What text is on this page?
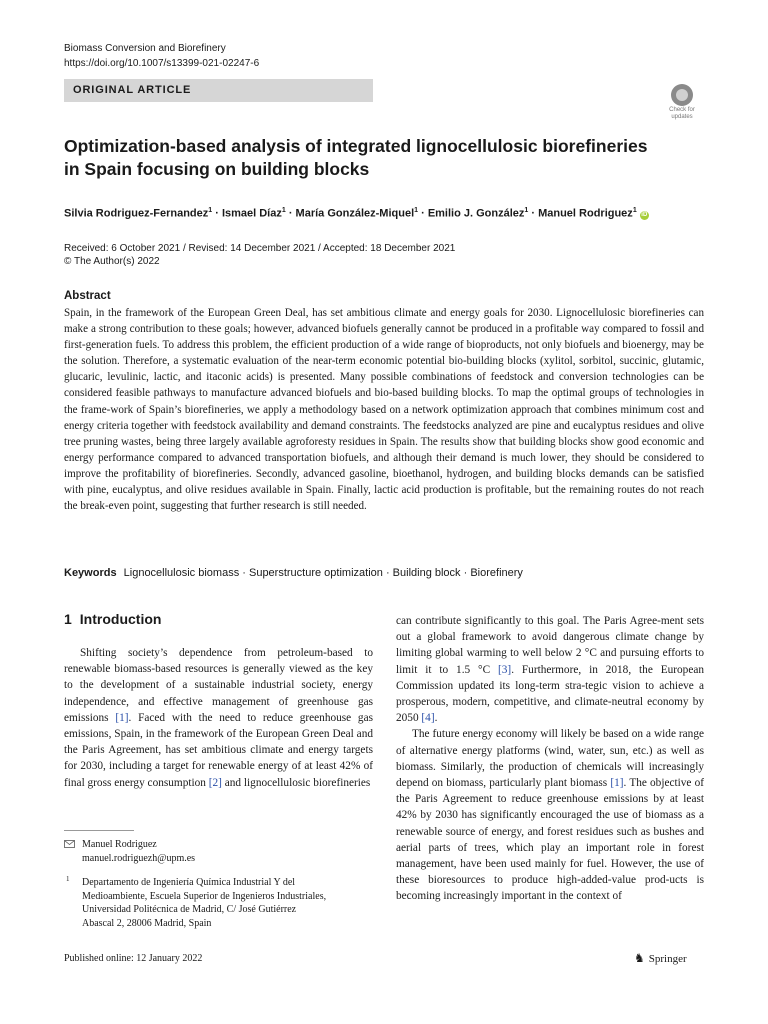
Biomass Conversion and Biorefinery
https://doi.org/10.1007/s13399-021-02247-6
ORIGINAL ARTICLE
Check for
updates
Optimization-based analysis of integrated lignocellulosic biorefineries
in Spain focusing on building blocks
Silvia Rodriguez-Fernandez$^1$ · Ismael Díaz$^1$ · María González-Miquel$^1$ · Emilio J. González$^1$ · Manuel Rodriguez$^1$ iD
Received: 6 October 2021 / Revised: 14 December 2021 / Accepted: 18 December 2021
© The Author(s) 2022
Abstract
Spain, in the framework of the European Green Deal, has set ambitious climate and energy goals for 2030. Lignocellulosic biorefineries can make a strong contribution to these goals; however, advanced biofuels generally cannot be produced in a profitable way compared to fossil and first-generation fuels. To address this problem, the efficient production of a wide range of bioproducts, not only biofuels and bioenergy, may be the solution. Therefore, a systematic evaluation of the near-term economic potential bio-building blocks (xylitol, sorbitol, succinic, glutamic, glucaric, levulinic, lactic, and itaconic acids) is presented. Many possible combinations of feedstock and conversion technologies can be considered feasible pathways to manufacture advanced biofuels and bio-based building blocks. To map the optimal groups of technologies in the frame-work of Spain’s biorefineries, we apply a methodology based on a network optimization approach that combines minimum cost and energy criteria together with feedstock availability and demand constraints. The feedstocks analyzed are pine and eucalyptus residues and olive tree pruning wastes, being three largely available agroforesty residues in Spain. The results show that building blocks show good economic and energy performance compared to advanced transportation biofuels, and although their demand is much lower, they should be considered to improve the profitability of biorefineries. Secondly, advanced gasoline, bioethanol, hydrogen, and building blocks demands can be satisfied with pine, eucalyptus, and olive residues available in Spain. Finally, lactic acid production is profitable, but the remaining routes do not reach the break-even point, suggesting that further research is still needed.
Keywords Lignocellulosic biomass · Superstructure optimization · Building block · Biorefinery
1 Introduction

Shifting society’s dependence from petroleum-based to renewable biomass-based resources is generally viewed as the key to the development of a sustainable industrial society, energy independence, and effective management of greenhouse gas emissions [1]. Faced with the need to reduce greenhouse gas emissions, Spain, in the framework of the European Green Deal and the Paris Agreement, has set ambitious climate and energy targets for 2030, including a target for renewable energy of at least 42% of final gross energy consumption [2] and lignocellulosic biorefineries

can contribute significantly to this goal. The Paris Agree-ment sets out a global framework to avoid dangerous climate change by limiting global warming to well below 2 °C and pursuing efforts to limit it to 1.5 °C [3]. Furthermore, in 2018, the European Commission updated its long-term stra-tegic vision to achieve a prosperous, modern, competitive, and climate-neutral economy by 2050 [4].

The future energy economy will likely be based on a wide range of alternative energy platforms (wind, water, sun, etc.) as well as biomass. Similarly, the production of chemicals will increasingly depend on biomass, particularly plant biomass [1]. The objective of the Paris Agreement to reduce greenhouse emissions by at least 42% by 2030 has significantly encouraged the use of biomass as a renewable source of energy, and forest residues such as bushes and aerial parts of trees, which play an important role in forest management, have been used mainly for fuel. However, the use of these bioresources to produce high-added-value prod-ucts is becoming increasingly important in the context of

Manuel Rodriguez
manuel.rodriguezh@upm.es
1 Departamento de Ingeniería Química Industrial Y del
Medioambiente, Escuela Superior de Ingenieros Industriales,
Universidad Politécnica de Madrid, C/ José Gutiérrez
Abascal 2, 28006 Madrid, Spain
Published online: 12 January 2022	♞ Springer
